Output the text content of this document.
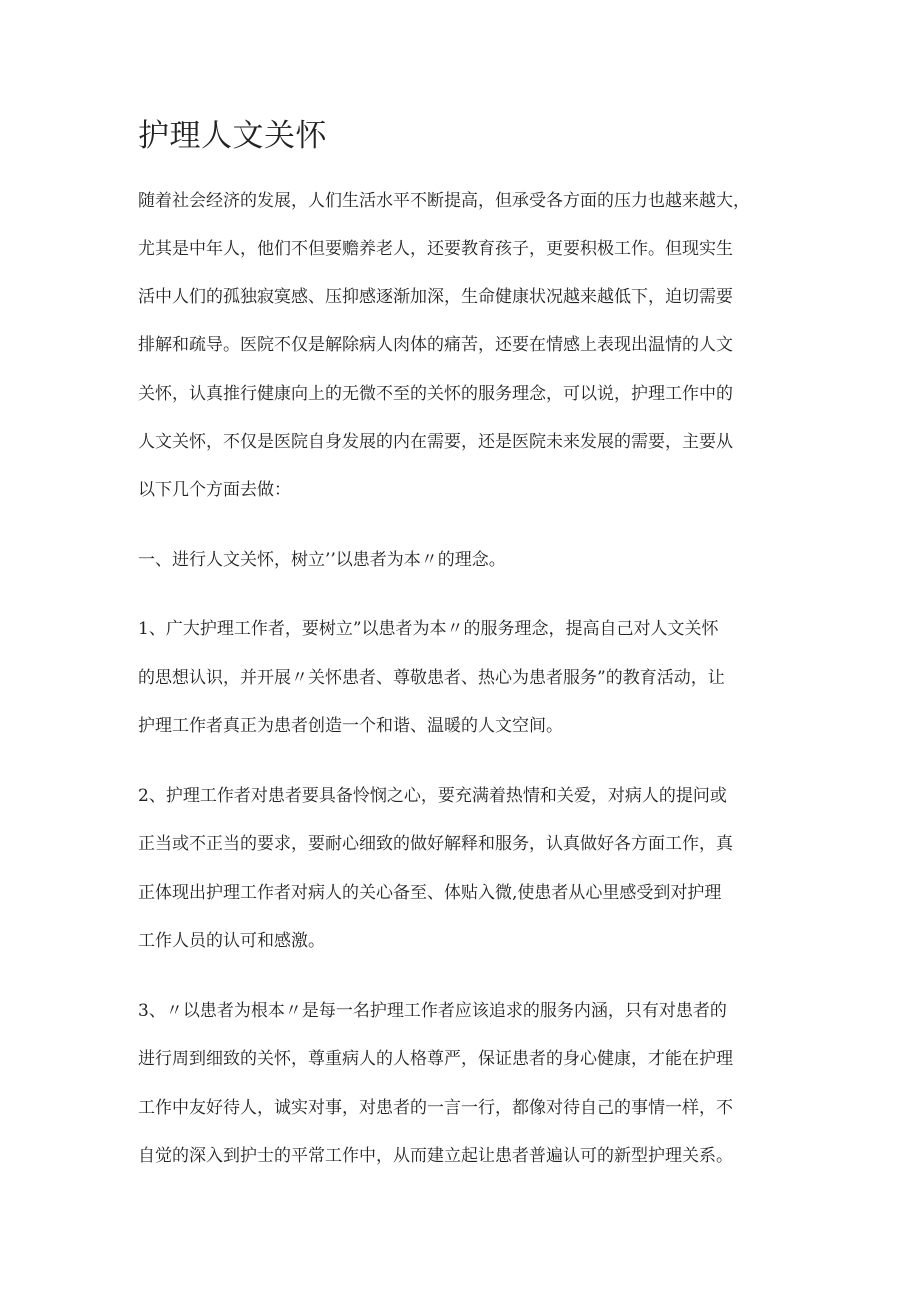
护理人文关怀

随着社会经济的发展，人们生活水平不断提高，但承受各方面的压力也越来越大，

尤其是中年人，他们不但要赡养老人，还要教育孩子，更要积极工作。但现实生

活中人们的孤独寂寞感、压抑感逐渐加深，生命健康状况越来越低下，迫切需要

排解和疏导。医院不仅是解除病人肉体的痛苦，还要在情感上表现出温情的人文

关怀，认真推行健康向上的无微不至的关怀的服务理念，可以说，护理工作中的

人文关怀，不仅是医院自身发展的内在需要，还是医院未来发展的需要，主要从

以下几个方面去做：

一、进行人文关怀，树立’’以患者为本〃的理念。

1、广大护理工作者，要树立”以患者为本〃的服务理念，提高自己对人文关怀

的思想认识，并开展〃关怀患者、尊敬患者、热心为患者服务”的教育活动，让

护理工作者真正为患者创造一个和谐、温暖的人文空间。

2、护理工作者对患者要具备怜悯之心，要充满着热情和关爱，对病人的提问或

正当或不正当的要求，要耐心细致的做好解释和服务，认真做好各方面工作，真

正体现出护理工作者对病人的关心备至、体贴入微,使患者从心里感受到对护理

工作人员的认可和感激。

3、〃以患者为根本〃是每一名护理工作者应该追求的服务内涵，只有对患者的

进行周到细致的关怀，尊重病人的人格尊严，保证患者的身心健康，才能在护理

工作中友好待人，诚实对事，对患者的一言一行，都像对待自己的事情一样，不

自觉的深入到护士的平常工作中，从而建立起让患者普遍认可的新型护理关系。
